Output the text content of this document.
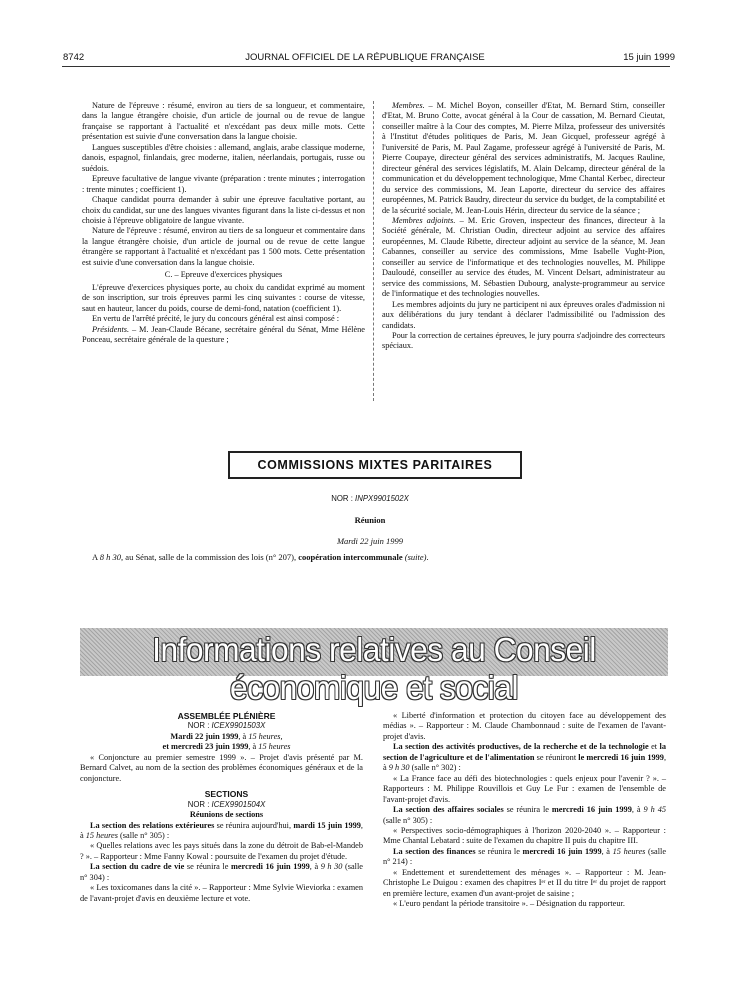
8742	JOURNAL OFFICIEL DE LA RÉPUBLIQUE FRANÇAISE	15 juin 1999

Nature de l'épreuve : résumé, environ au tiers de sa longueur, et commentaire, dans la langue étrangère choisie, d'un article de journal ou de revue de langue française se rapportant à l'actualité et n'excédant pas deux mille mots. Cette présentation est suivie d'une conversation dans la langue choisie.

Langues susceptibles d'être choisies : allemand, anglais, arabe classique moderne, danois, espagnol, finlandais, grec moderne, italien, néerlandais, portugais, russe ou suédois.

Epreuve facultative de langue vivante (préparation : trente minutes ; interrogation : trente minutes ; coefficient 1).

Chaque candidat pourra demander à subir une épreuve facultative portant, au choix du candidat, sur une des langues vivantes figurant dans la liste ci-dessus et non choisie à l'épreuve obligatoire de langue vivante.

Nature de l'épreuve : résumé, environ au tiers de sa longueur et commentaire dans la langue étrangère choisie, d'un article de journal ou de revue de cette langue étrangère se rapportant à l'actualité et n'excédant pas 1 500 mots. Cette présentation est suivie d'une conversation dans la langue choisie.

C. – Epreuve d'exercices physiques

L'épreuve d'exercices physiques porte, au choix du candidat exprimé au moment de son inscription, sur trois épreuves parmi les cinq suivantes : course de vitesse, saut en hauteur, lancer du poids, course de demi-fond, natation (coefficient 1).

En vertu de l'arrêté précité, le jury du concours général est ainsi composé :

Présidents. – M. Jean-Claude Bécane, secrétaire général du Sénat, Mme Hélène Ponceau, secrétaire générale de la questure ;

Membres. – M. Michel Boyon, conseiller d'Etat, M. Bernard Stirn, conseiller d'Etat, M. Bruno Cotte, avocat général à la Cour de cassation, M. Bernard Cieutat, conseiller maître à la Cour des comptes, M. Pierre Milza, professeur des universités à l'Institut d'études politiques de Paris, M. Jean Gicquel, professeur agrégé à l'université de Paris, M. Paul Zagame, professeur agrégé à l'université de Paris, M. Pierre Coupaye, directeur général des services administratifs, M. Jacques Rauline, directeur général des services législatifs, M. Alain Delcamp, directeur général de la communication et du développement technologique, Mme Chantal Kerbec, directeur du service des commissions, M. Jean Laporte, directeur du service des affaires européennes, M. Patrick Baudry, directeur du service du budget, de la comptabilité et de la sécurité sociale, M. Jean-Louis Hérin, directeur du service de la séance ;

Membres adjoints. – M. Eric Groven, inspecteur des finances, directeur à la Société générale, M. Christian Oudin, directeur adjoint au service des affaires européennes, M. Claude Ribette, directeur adjoint au service de la séance, M. Jean Cabannes, conseiller au service des commissions, Mme Isabelle Vught-Pion, conseiller au service de l'informatique et des technologies nouvelles, M. Philippe Dauloudé, conseiller au service des études, M. Vincent Delsart, administrateur au service des commissions, M. Sébastien Dubourg, analyste-programmeur au service de l'informatique et des technologies nouvelles.

Les membres adjoints du jury ne participent ni aux épreuves orales d'admission ni aux délibérations du jury tendant à déclarer l'admissibilité ou l'admission des candidats.

Pour la correction de certaines épreuves, le jury pourra s'adjoindre des correcteurs spéciaux.

COMMISSIONS MIXTES PARITAIRES
NOR : INPX9901502X
Réunion
Mardi 22 juin 1999
A 8 h 30, au Sénat, salle de la commission des lois (n° 207), coopération intercommunale (suite).
Informations relatives au Conseil économique et social

ASSEMBLÉE PLÉNIÈRE

NOR : ICEX9901503X

Mardi 22 juin 1999, à 15 heures,

et mercredi 23 juin 1999, à 15 heures

« Conjoncture au premier semestre 1999 ». – Projet d'avis présenté par M. Bernard Calvet, au nom de la section des problèmes économiques généraux et de la conjoncture.

SECTIONS

NOR : ICEX9901504X

Réunions de sections

La section des relations extérieures se réunira aujourd'hui, mardi 15 juin 1999, à 15 heures (salle n° 305) :

« Quelles relations avec les pays situés dans la zone du détroit de Bab-el-Mandeb ? ». – Rapporteur : Mme Fanny Kowal : poursuite de l'examen du projet d'étude.

La section du cadre de vie se réunira le mercredi 16 juin 1999, à 9 h 30 (salle n° 304) :

« Les toxicomanes dans la cité ». – Rapporteur : Mme Sylvie Wieviorka : examen de l'avant-projet d'avis en deuxième lecture et vote.

« Liberté d'information et protection du citoyen face au développement des médias ». – Rapporteur : M. Claude Chambonnaud : suite de l'examen de l'avant-projet d'avis.

La section des activités productives, de la recherche et de la technologie et la section de l'agriculture et de l'alimentation se réuniront le mercredi 16 juin 1999, à 9 h 30 (salle n° 302) :

« La France face au défi des biotechnologies : quels enjeux pour l'avenir ? ». – Rapporteurs : M. Philippe Rouvillois et Guy Le Fur : examen de l'ensemble de l'avant-projet d'avis.

La section des affaires sociales se réunira le mercredi 16 juin 1999, à 9 h 45 (salle n° 305) :

« Perspectives socio-démographiques à l'horizon 2020-2040 ». – Rapporteur : Mme Chantal Lebatard : suite de l'examen du chapitre II puis du chapitre III.

La section des finances se réunira le mercredi 16 juin 1999, à 15 heures (salle n° 214) :

« Endettement et surendettement des ménages ». – Rapporteur : M. Jean-Christophe Le Duigou : examen des chapitres Iᵉʳ et II du titre Iᵉʳ du projet de rapport en première lecture, examen d'un avant-projet de saisine ;

« L'euro pendant la période transitoire ». – Désignation du rapporteur.
